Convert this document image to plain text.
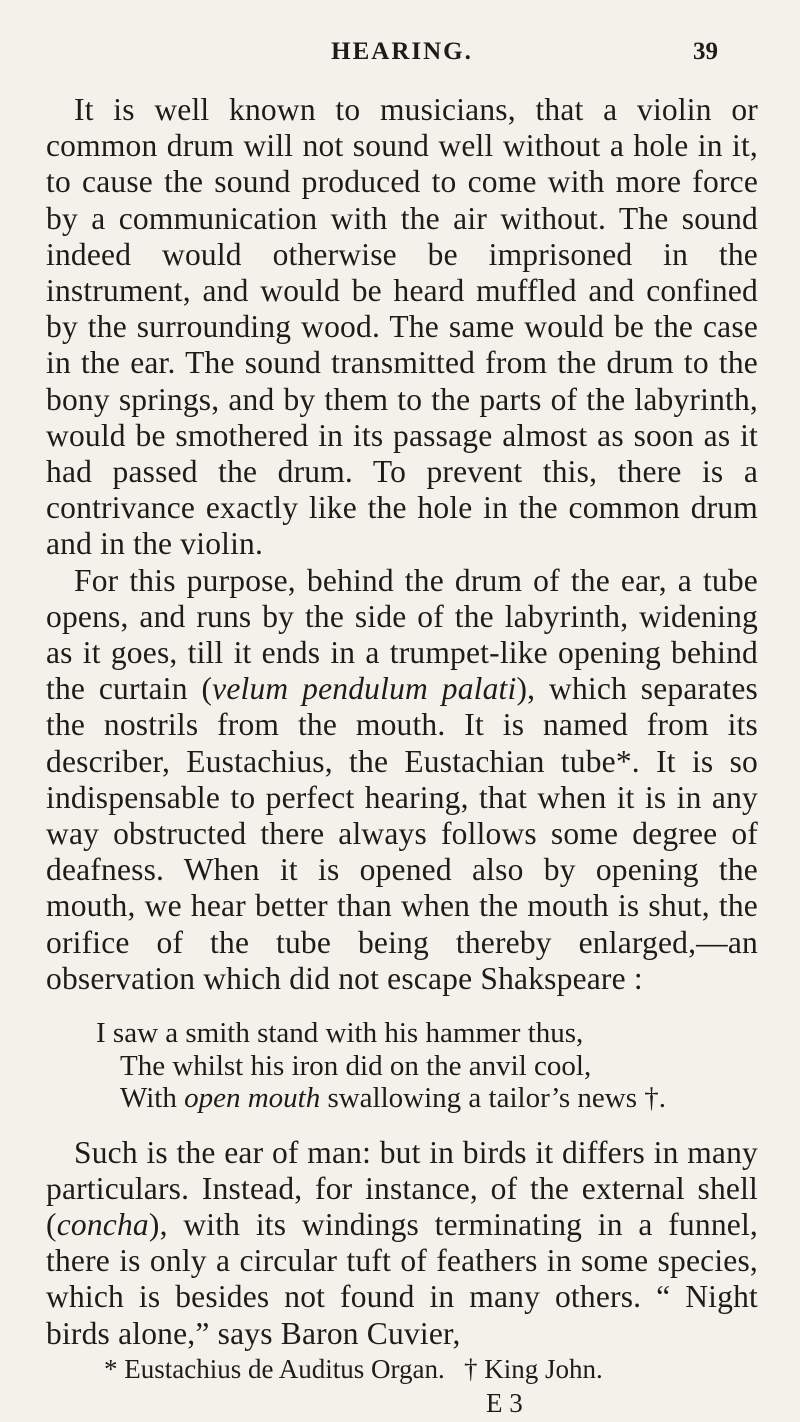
HEARING.	39

It is well known to musicians, that a violin or common drum will not sound well without a hole in it, to cause the sound produced to come with more force by a communication with the air without. The sound indeed would otherwise be imprisoned in the instrument, and would be heard muffled and confined by the surrounding wood. The same would be the case in the ear. The sound transmitted from the drum to the bony springs, and by them to the parts of the labyrinth, would be smothered in its passage almost as soon as it had passed the drum. To prevent this, there is a contrivance exactly like the hole in the common drum and in the violin.

For this purpose, behind the drum of the ear, a tube opens, and runs by the side of the labyrinth, widening as it goes, till it ends in a trumpet-like opening behind the curtain (velum pendulum palati), which separates the nostrils from the mouth. It is named from its describer, Eustachius, the Eustachian tube*. It is so indispensable to perfect hearing, that when it is in any way obstructed there always follows some degree of deafness. When it is opened also by opening the mouth, we hear better than when the mouth is shut, the orifice of the tube being thereby enlarged,—an observation which did not escape Shakspeare :

I saw a smith stand with his hammer thus,
The whilst his iron did on the anvil cool,
With open mouth swallowing a tailor’s news †.

Such is the ear of man: but in birds it differs in many particulars. Instead, for instance, of the external shell (concha), with its windings terminating in a funnel, there is only a circular tuft of feathers in some species, which is besides not found in many others. “ Night birds alone,” says Baron Cuvier,

* Eustachius de Auditus Organ. † King John.
E 3
